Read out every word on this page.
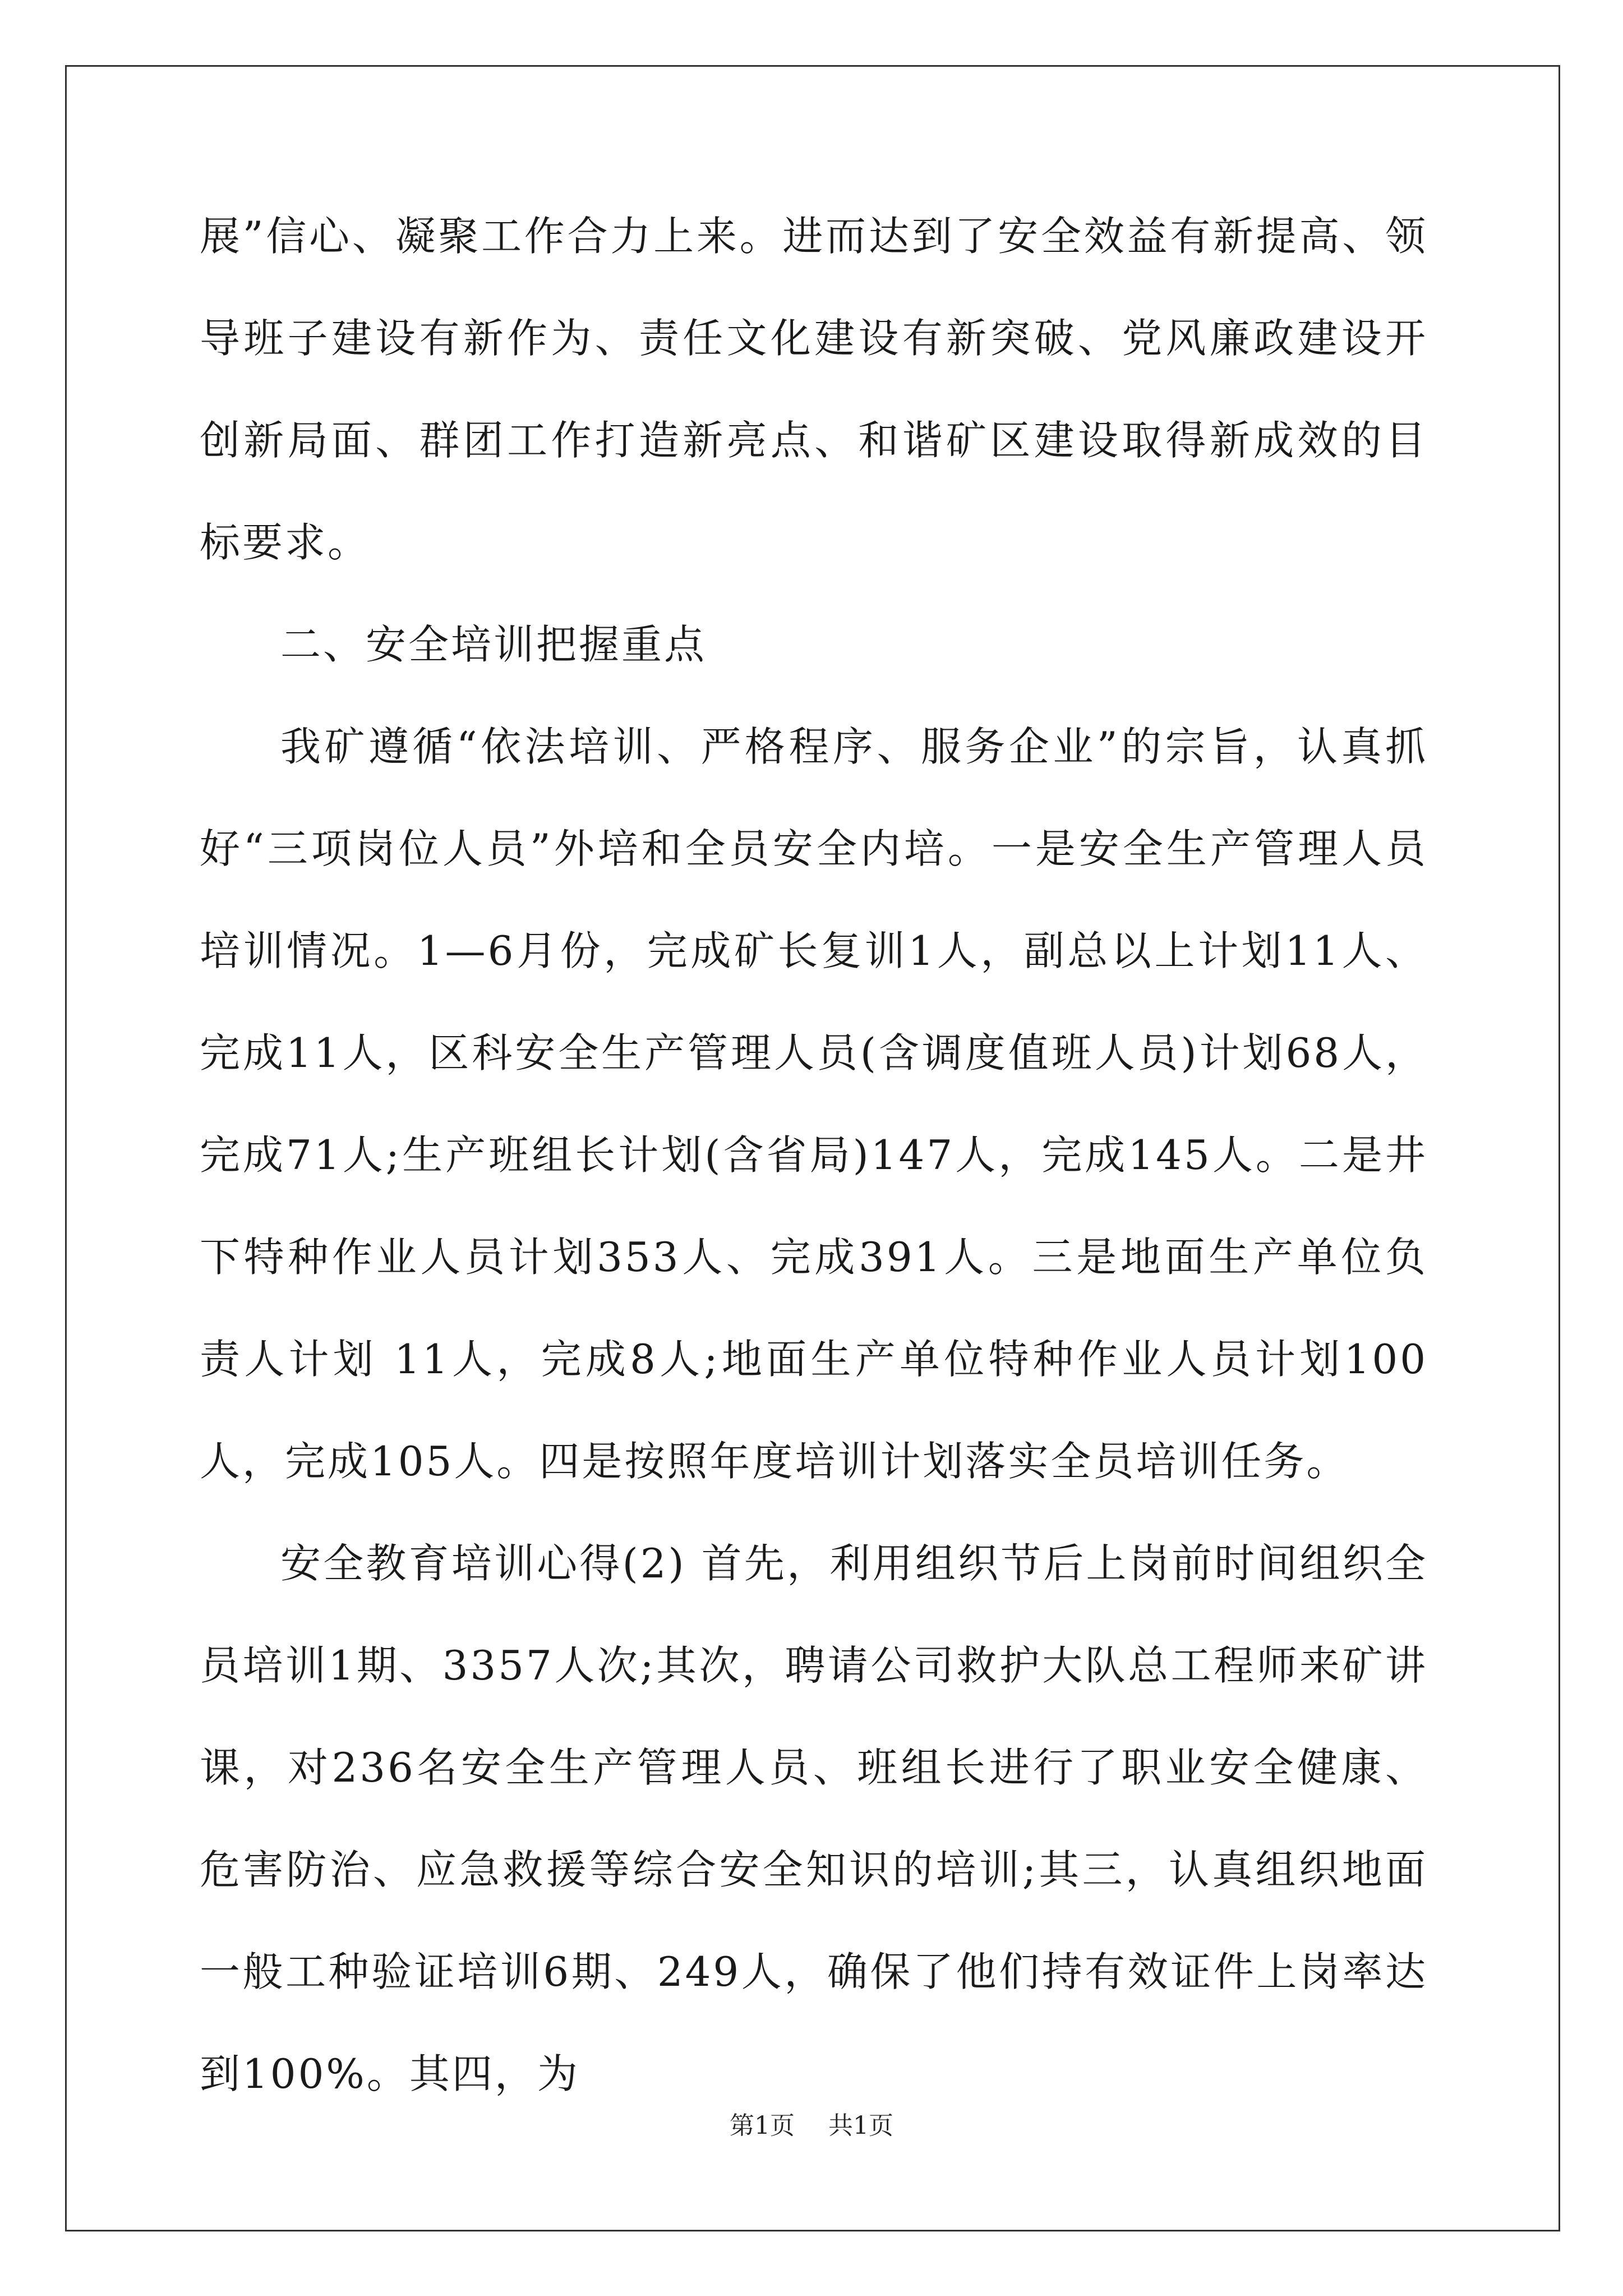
展”信心、凝聚工作合力上来。进而达到了安全效益有新提高、领导班子建设有新作为、责任文化建设有新突破、党风廉政建设开创新局面、群团工作打造新亮点、和谐矿区建设取得新成效的目标要求。

二、安全培训把握重点

我矿遵循“依法培训、严格程序、服务企业”的宗旨，认真抓好“三项岗位人员”外培和全员安全内培。一是安全生产管理人员培训情况。1—6月份，完成矿长复训1人，副总以上计划11人、完成11人，区科安全生产管理人员(含调度值班人员)计划68人，完成71人;生产班组长计划(含省局)147人，完成145人。二是井下特种作业人员计划353人、完成391人。三是地面生产单位负责人计划 11人，完成8人;地面生产单位特种作业人员计划100人，完成105人。四是按照年度培训计划落实全员培训任务。

安全教育培训心得(2) 首先，利用组织节后上岗前时间组织全员培训1期、3357人次;其次，聘请公司救护大队总工程师来矿讲课，对236名安全生产管理人员、班组长进行了职业安全健康、危害防治、应急救援等综合安全知识的培训;其三，认真组织地面一般工种验证培训6期、249人，确保了他们持有效证件上岗率达到100%。其四，为

第1页 共1页
